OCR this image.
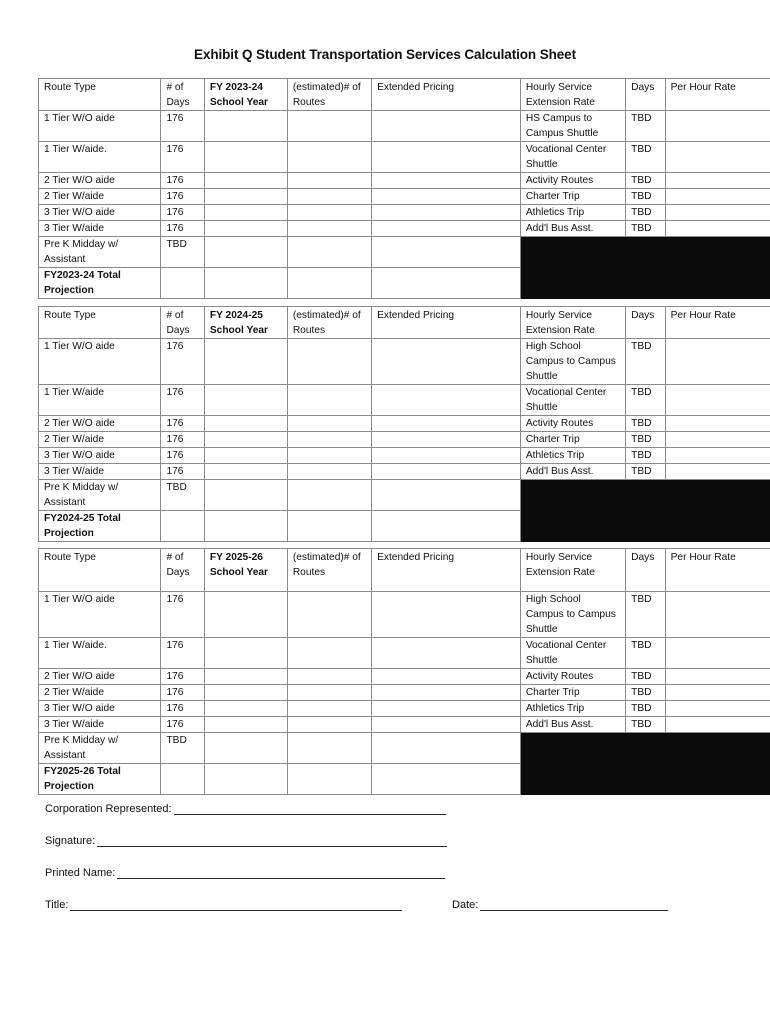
Exhibit Q Student Transportation Services Calculation Sheet
Route Type	# of Days	FY 2023-24 School Year	(estimated)# of Routes	Extended Pricing	Hourly Service Extension Rate	Days	Per Hour Rate
1 Tier W/O aide	176				HS Campus to Campus Shuttle	TBD	
1 Tier W/aide.	176				Vocational Center Shuttle	TBD	
2 Tier W/O aide	176				Activity Routes	TBD	
2 Tier W/aide	176				Charter Trip	TBD	
3 Tier W/O aide	176				Athletics Trip	TBD	
3 Tier W/aide	176				Add'l Bus Asst.	TBD	
Pre K Midday w/ Assistant	TBD						
FY2023-24 Total Projection							
Route Type	# of Days	FY 2024-25 School Year	(estimated)# of Routes	Extended Pricing	Hourly Service Extension Rate	Days	Per Hour Rate
1 Tier W/O aide	176				High School Campus to Campus Shuttle	TBD	
1 Tier W/aide	176				Vocational Center Shuttle	TBD	
2 Tier W/O aide	176				Activity Routes	TBD	
2 Tier W/aide	176				Charter Trip	TBD	
3 Tier W/O aide	176				Athletics Trip	TBD	
3 Tier W/aide	176				Add'l Bus Asst.	TBD	
Pre K Midday w/ Assistant	TBD						
FY2024-25 Total Projection							
Route Type	# of Days	FY 2025-26 School Year	(estimated)# of Routes	Extended Pricing	Hourly Service Extension Rate	Days	Per Hour Rate
1 Tier W/O aide	176				High School Campus to Campus Shuttle	TBD	
1 Tier W/aide.	176				Vocational Center Shuttle	TBD	
2 Tier W/O aide	176				Activity Routes	TBD	
2 Tier W/aide	176				Charter Trip	TBD	
3 Tier W/O aide	176				Athletics Trip	TBD	
3 Tier W/aide	176				Add'l Bus Asst.	TBD	
Pre K Midday w/ Assistant	TBD						
FY2025-26 Total Projection							
Corporation Represented:
Signature:
Printed Name:
Title:	Date:
